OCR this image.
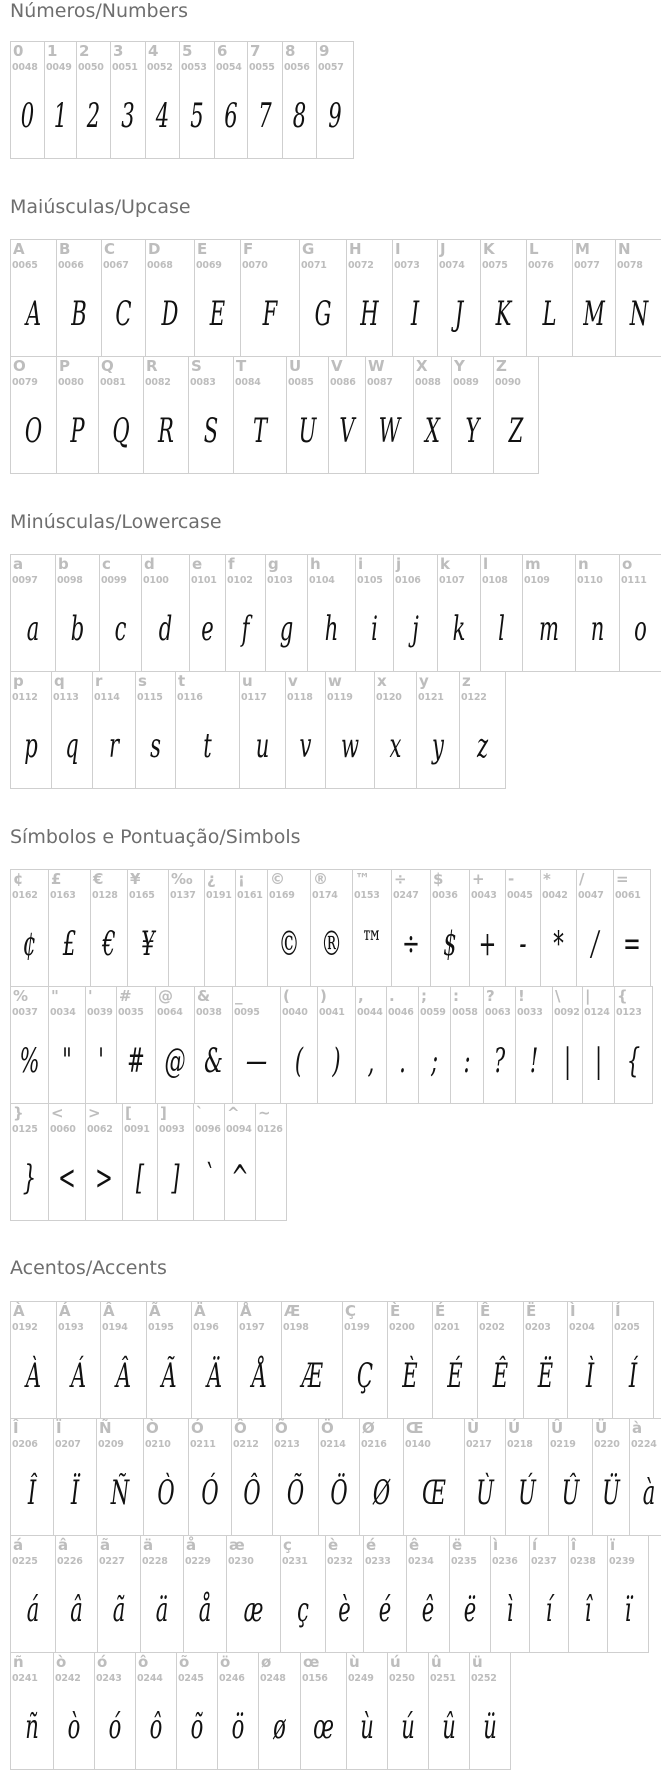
Números/Numbers
0
0048
0
1
0049
1
2
0050
2
3
0051
3
4
0052
4
5
0053
5
6
0054
6
7
0055
7
8
0056
8
9
0057
9
Maiúsculas/Upcase
A
0065
A
B
0066
B
C
0067
C
D
0068
D
E
0069
E
F
0070
F
G
0071
G
H
0072
H
I
0073
I
J
0074
J
K
0075
K
L
0076
L
M
0077
M
N
0078
N
O
0079
O
P
0080
P
Q
0081
Q
R
0082
R
S
0083
S
T
0084
T
U
0085
U
V
0086
V
W
0087
W
X
0088
X
Y
0089
Y
Z
0090
Z
Minúsculas/Lowercase
a
0097
a
b
0098
b
c
0099
c
d
0100
d
e
0101
e
f
0102
f
g
0103
g
h
0104
h
i
0105
i
j
0106
j
k
0107
k
l
0108
l
m
0109
m
n
0110
n
o
0111
o
p
0112
p
q
0113
q
r
0114
r
s
0115
s
t
0116
t
u
0117
u
v
0118
v
w
0119
w
x
0120
x
y
0121
y
z
0122
z
Símbolos e Pontuação/Simbols
¢
0162
¢
£
0163
£
€
0128
€
¥
0165
¥
‰
0137
¿
0191
¡
0161
©
0169
©
®
0174
®
™
0153
™
÷
0247
÷
$
0036
$
+
0043
+
-
0045
-
*
0042
*
/
0047
/
=
0061
=
%
0037
%
"
0034
"
'
0039
'
#
0035
#
@
0064
@
&
0038
&
_
0095
—
(
0040
(
)
0041
)
,
0044
,
.
0046
.
;
0059
;
:
0058
:
?
0063
?
!
0033
!
\
0092
|
|
0124
|
{
0123
{
}
0125
}
<
0060
<
>
0062
>
[
0091
[
]
0093
]
`
0096
`
^
0094
^
~
0126
Acentos/Accents
À
0192
À
Á
0193
Á
Â
0194
Â
Ã
0195
Ã
Ä
0196
Ä
Å
0197
Å
Æ
0198
Æ
Ç
0199
Ç
È
0200
È
É
0201
É
Ê
0202
Ê
Ë
0203
Ë
Ì
0204
Ì
Í
0205
Í
Î
0206
Î
Ï
0207
Ï
Ñ
0209
Ñ
Ò
0210
Ò
Ó
0211
Ó
Ô
0212
Ô
Õ
0213
Õ
Ö
0214
Ö
Ø
0216
Ø
Œ
0140
Œ
Ù
0217
Ù
Ú
0218
Ú
Û
0219
Û
Ü
0220
Ü
à
0224
à
á
0225
á
â
0226
â
ã
0227
ã
ä
0228
ä
å
0229
å
æ
0230
æ
ç
0231
ç
è
0232
è
é
0233
é
ê
0234
ê
ë
0235
ë
ì
0236
ì
í
0237
í
î
0238
î
ï
0239
ï
ñ
0241
ñ
ò
0242
ò
ó
0243
ó
ô
0244
ô
õ
0245
õ
ö
0246
ö
ø
0248
ø
œ
0156
œ
ù
0249
ù
ú
0250
ú
û
0251
û
ü
0252
ü
